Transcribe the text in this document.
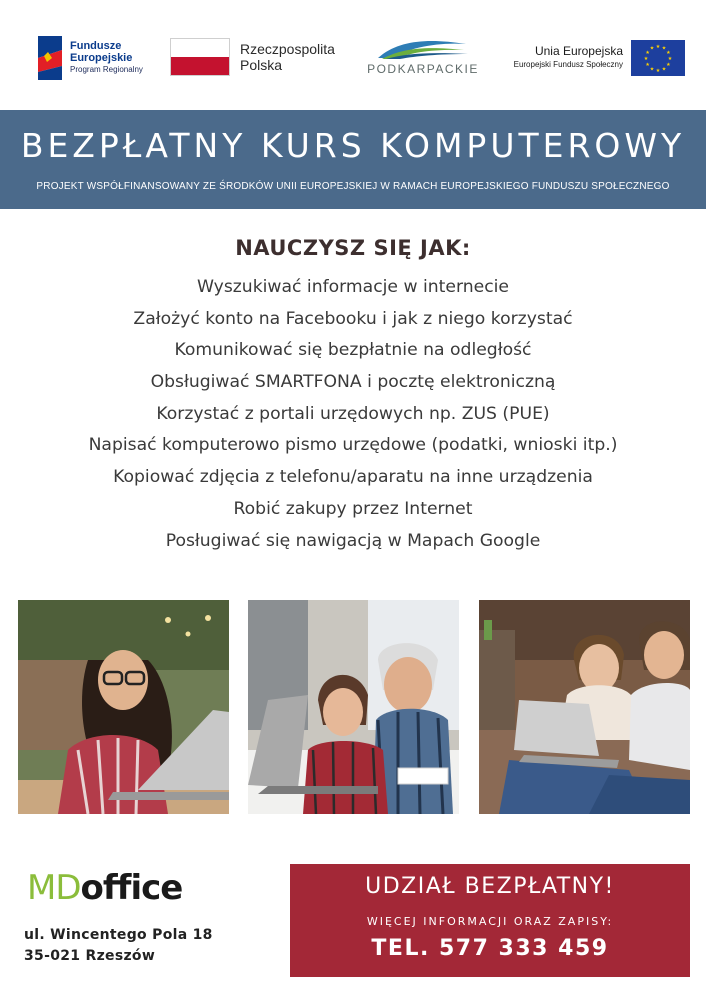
Fundusze
Europejskie
Program Regionalny
Rzeczpospolita
Polska	PODKARPACKIE
Unia Europejska
Europejski Fundusz Społeczny
★ ★
★
★
★
★
★
★
★
★
★
★
BEZPŁATNY KURS KOMPUTEROWY

PROJEKT WSPÓŁFINANSOWANY ZE ŚRODKÓW UNII EUROPEJSKIEJ W RAMACH EUROPEJSKIEGO FUNDUSZU SPOŁECZNEGO

NAUCZYSZ SIĘ JAK:
Wyszukiwać informacje w internecie
Założyć konto na Facebooku i jak z niego korzystać
Komunikować się bezpłatnie na odległość
Obsługiwać SMARTFONA i pocztę elektroniczną
Korzystać z portali urzędowych np. ZUS (PUE)
Napisać komputerowo pismo urzędowe (podatki, wnioski itp.)
Kopiować zdjęcia z telefonu/aparatu na inne urządzenia
Robić zakupy przez Internet
Posługiwać się nawigacją w Mapach Google
MDoffice
ul. Wincentego Pola 18
35-021 Rzeszów
UDZIAŁ BEZPŁATNY!
WIĘCEJ INFORMACJI ORAZ ZAPISY:
TEL. 577 333 459
